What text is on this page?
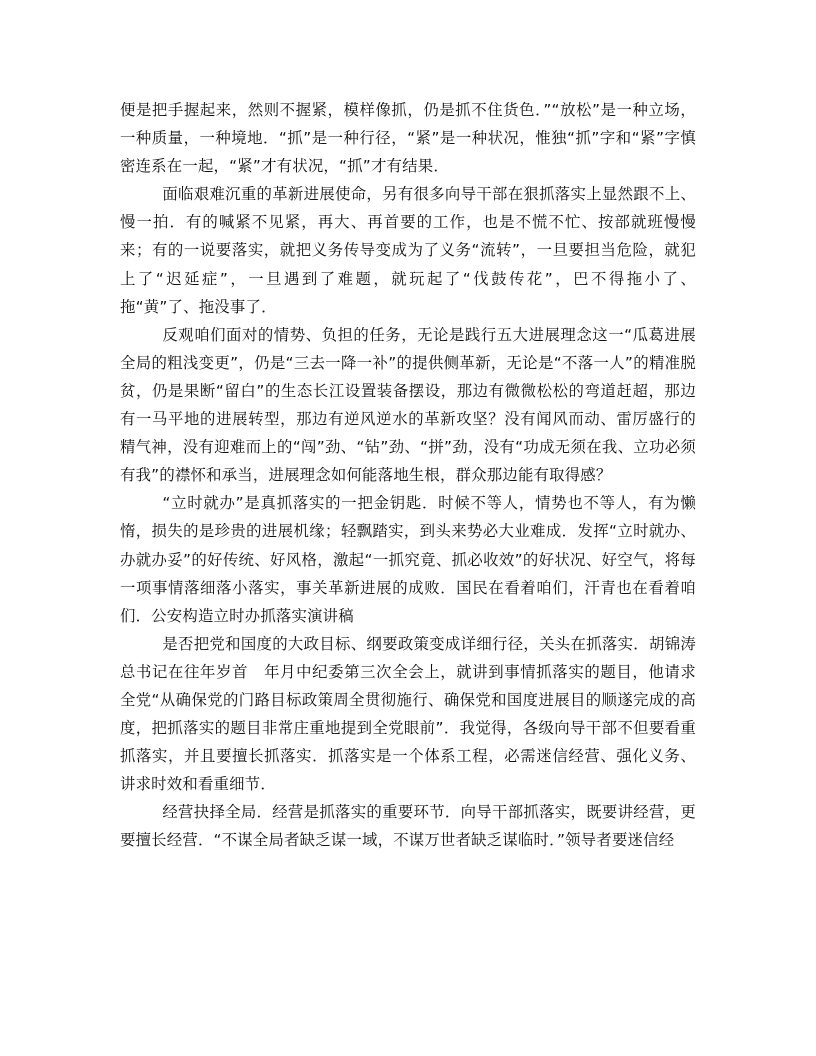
便是把手握起来，然则不握紧，模样像抓，仍是抓不住货色．”“放松”是一种立场，一种质量，一种境地．“抓”是一种行径，“紧”是一种状况，惟独“抓”字和“紧”字慎密连系在一起，“紧”才有状况，“抓”才有结果．

面临艰难沉重的革新进展使命，另有很多向导干部在狠抓落实上显然跟不上、慢一拍．有的喊紧不见紧，再大、再首要的工作，也是不慌不忙、按部就班慢慢来；有的一说要落实，就把义务传导变成为了义务“流转”，一旦要担当危险，就犯上了“迟延症”，一旦遇到了难题，就玩起了“伐鼓传花”，巴不得拖小了、拖“黄”了、拖没事了．

反观咱们面对的情势、负担的任务，无论是践行五大进展理念这一“瓜葛进展全局的粗浅变更”，仍是“三去一降一补”的提供侧革新，无论是“不落一人”的精准脱贫，仍是果断“留白”的生态长江设置装备摆设，那边有微微松松的弯道赶超，那边有一马平地的进展转型，那边有逆风逆水的革新攻坚？没有闻风而动、雷厉盛行的精气神，没有迎难而上的“闯”劲、“钻”劲、“拼”劲，没有“功成无须在我、立功必须有我”的襟怀和承当，进展理念如何能落地生根，群众那边能有取得感？

“立时就办”是真抓落实的一把金钥匙．时候不等人，情势也不等人，有为懒惰，损失的是珍贵的进展机缘；轻飘踏实，到头来势必大业难成．发挥“立时就办、办就办妥”的好传统、好风格，激起“一抓究竟、抓必收效”的好状况、好空气，将每一项事情落细落小落实，事关革新进展的成败．国民在看着咱们，汗青也在看着咱们．公安构造立时办抓落实演讲稿

是否把党和国度的大政目标、纲要政策变成详细行径，关头在抓落实．胡锦涛总书记在往年岁首　年月中纪委第三次全会上，就讲到事情抓落实的题目，他请求全党“从确保党的门路目标政策周全贯彻施行、确保党和国度进展目的顺遂完成的高度，把抓落实的题目非常庄重地提到全党眼前”．我觉得，各级向导干部不但要看重抓落实，并且要擅长抓落实．抓落实是一个体系工程，必需迷信经营、强化义务、讲求时效和看重细节．

经营抉择全局．经营是抓落实的重要环节．向导干部抓落实，既要讲经营，更要擅长经营．“不谋全局者缺乏谋一域，不谋万世者缺乏谋临时．”领导者要迷信经
